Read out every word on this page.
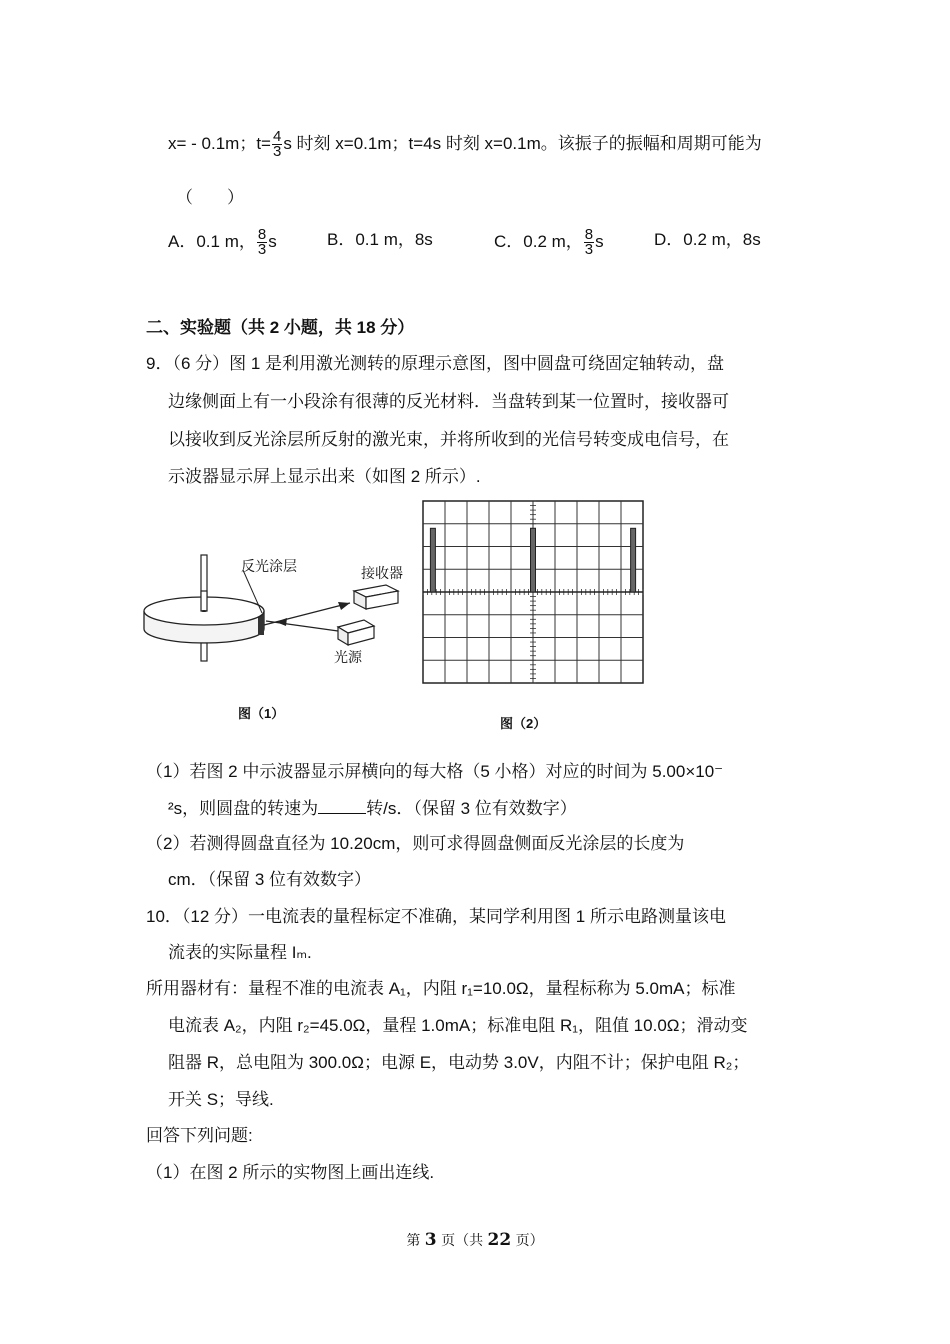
x= - 0.1m；$t= \frac{4}{3}$ s 时刻 x=0.1m；t=4s 时刻 x=0.1m。该振子的振幅和周期可能为
（　　）
A．0.1 m， $\frac{8}{3}$ s	B．0.1 m，8s	C．0.2 m， $\frac{8}{3}$ s	D．0.2 m，8s
二、实验题（共 2 小题，共 18 分）
9．（6 分）图 1 是利用激光测转的原理示意图，图中圆盘可绕固定轴转动，盘
边缘侧面上有一小段涂有很薄的反光材料．当盘转到某一位置时，接收器可
以接收到反光涂层所反射的激光束，并将所收到的光信号转变成电信号，在
示波器显示屏上显示出来（如图 2 所示）.
反光涂层	接收器
光源
图（1）
图（2）
（1）若图 2 中示波器显示屏横向的每大格（5 小格）对应的时间为 5.00×10⁻
²s，则圆盘的转速为	转/s．（保留 3 位有效数字）
（2）若测得圆盘直径为 10.20cm，则可求得圆盘侧面反光涂层的长度为
cm．（保留 3 位有效数字）
10．（12 分）一电流表的量程标定不准确，某同学利用图 1 所示电路测量该电
流表的实际量程 Iₘ.
所用器材有：量程不准的电流表 A₁，内阻 r₁=10.0Ω，量程标称为 5.0mA；标准
电流表 A₂，内阻 r₂=45.0Ω，量程 1.0mA；标准电阻 R₁，阻值 10.0Ω；滑动变
阻器 R，总电阻为 300.0Ω；电源 E，电动势 3.0V，内阻不计；保护电阻 R₂；
开关 S；导线.
回答下列问题:
（1）在图 2 所示的实物图上画出连线.
第 3 页（共 22 页）
